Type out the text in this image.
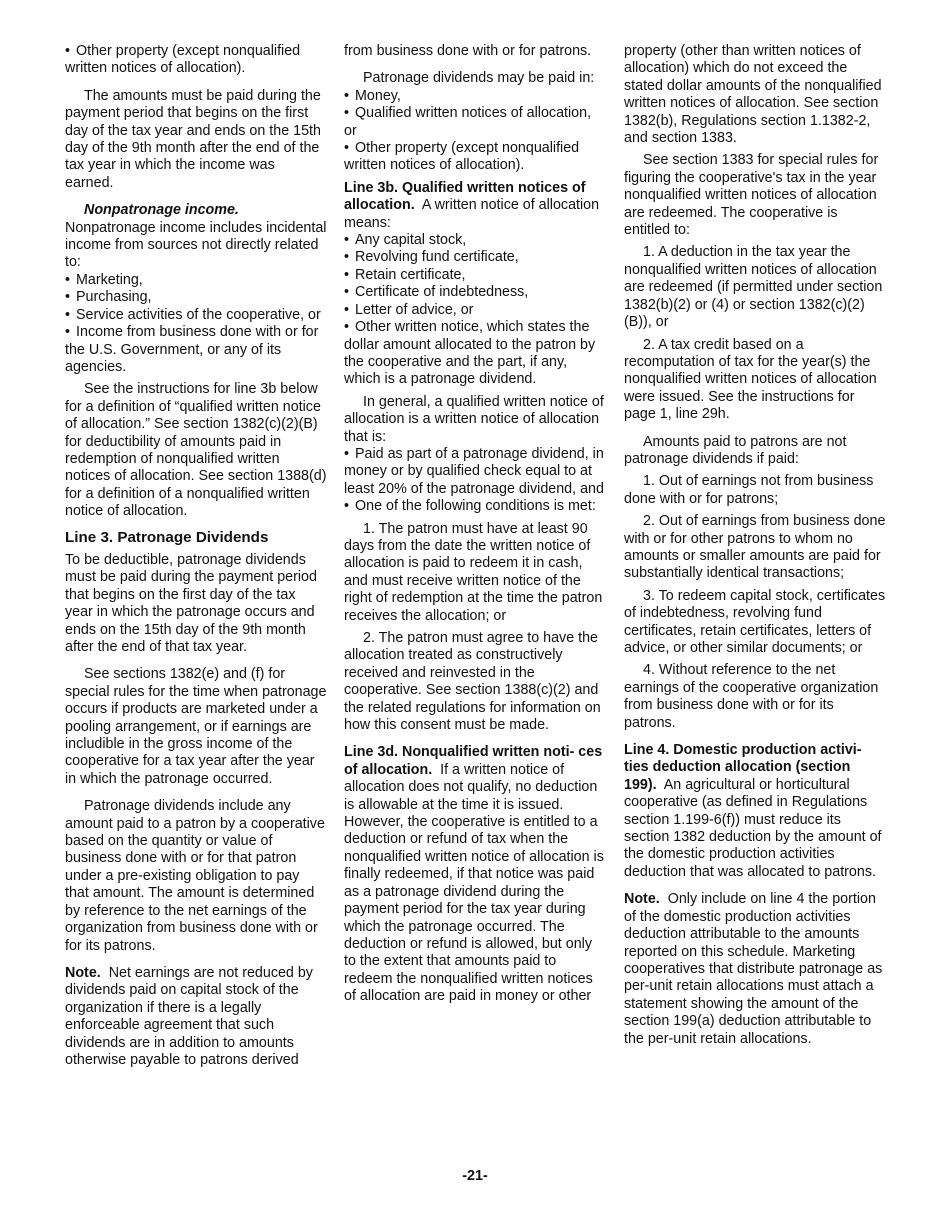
• Other property (except nonqualified written notices of allocation).

The amounts must be paid during the payment period that begins on the first day of the tax year and ends on the 15th day of the 9th month after the end of the tax year in which the income was earned.

Nonpatronage income.

Nonpatronage income includes incidental income from sources not directly related to:

• Marketing,
• Purchasing,
• Service activities of the cooperative, or

• Income from business done with or for the U.S. Government, or any of its agencies.

See the instructions for line 3b below for a definition of “qualified written notice of allocation.” See section 1382(c)(2)(B) for deductibility of amounts paid in redemption of nonqualified written notices of allocation. See section 1388(d) for a definition of a nonqualified written notice of allocation.

Line 3. Patronage Dividends

To be deductible, patronage dividends must be paid during the payment period that begins on the first day of the tax year in which the patronage occurs and ends on the 15th day of the 9th month after the end of that tax year.

See sections 1382(e) and (f) for special rules for the time when patronage occurs if products are marketed under a pooling arrangement, or if earnings are includible in the gross income of the cooperative for a tax year after the year in which the patronage occurred.

Patronage dividends include any amount paid to a patron by a cooperative based on the quantity or value of business done with or for that patron under a pre-existing obligation to pay that amount. The amount is determined by reference to the net earnings of the organization from business done with or for its patrons.

Note. Net earnings are not reduced by dividends paid on capital stock of the organization if there is a legally enforceable agreement that such dividends are in addition to amounts otherwise payable to patrons derived

from business done with or for patrons.

Patronage dividends may be paid in:

• Money,
• Qualified written notices of allocation, or

• Other property (except nonqualified written notices of allocation).

Line 3b. Qualified written notices of allocation. A written notice of allocation means:

• Any capital stock,
• Revolving fund certificate,
• Retain certificate,
• Certificate of indebtedness,
• Letter of advice, or

• Other written notice, which states the dollar amount allocated to the patron by the cooperative and the part, if any, which is a patronage dividend.

In general, a qualified written notice of allocation is a written notice of allocation that is:

• Paid as part of a patronage dividend, in money or by qualified check equal to at least 20% of the patronage dividend, and

• One of the following conditions is met:

1. The patron must have at least 90 days from the date the written notice of allocation is paid to redeem it in cash, and must receive written notice of the right of redemption at the time the patron receives the allocation; or

2. The patron must agree to have the allocation treated as constructively received and reinvested in the cooperative. See section 1388(c)(2) and the related regulations for information on how this consent must be made.

Line 3d. Nonqualified written noti- ces of allocation. If a written notice of allocation does not qualify, no deduction is allowable at the time it is issued. However, the cooperative is entitled to a deduction or refund of tax when the nonqualified written notice of allocation is finally redeemed, if that notice was paid as a patronage dividend during the payment period for the tax year during which the patronage occurred. The deduction or refund is allowed, but only to the extent that amounts paid to redeem the nonqualified written notices of allocation are paid in money or other

property (other than written notices of allocation) which do not exceed the stated dollar amounts of the nonqualified written notices of allocation. See section 1382(b), Regulations section 1.1382-2, and section 1383.

See section 1383 for special rules for figuring the cooperative's tax in the year nonqualified written notices of allocation are redeemed. The cooperative is entitled to:

1. A deduction in the tax year the nonqualified written notices of allocation are redeemed (if permitted under section 1382(b)(2) or (4) or section 1382(c)(2)(B)), or

2. A tax credit based on a recomputation of tax for the year(s) the nonqualified written notices of allocation were issued. See the instructions for page 1, line 29h.

Amounts paid to patrons are not patronage dividends if paid:

1. Out of earnings not from business done with or for patrons;

2. Out of earnings from business done with or for other patrons to whom no amounts or smaller amounts are paid for substantially identical transactions;

3. To redeem capital stock, certificates of indebtedness, revolving fund certificates, retain certificates, letters of advice, or other similar documents; or

4. Without reference to the net earnings of the cooperative organization from business done with or for its patrons.

Line 4. Domestic production activi- ties deduction allocation (section 199). An agricultural or horticultural cooperative (as defined in Regulations section 1.199-6(f)) must reduce its section 1382 deduction by the amount of the domestic production activities deduction that was allocated to patrons.

Note. Only include on line 4 the portion of the domestic production activities deduction attributable to the amounts reported on this schedule. Marketing cooperatives that distribute patronage as per-unit retain allocations must attach a statement showing the amount of the section 199(a) deduction attributable to the per-unit retain allocations.

-21-
